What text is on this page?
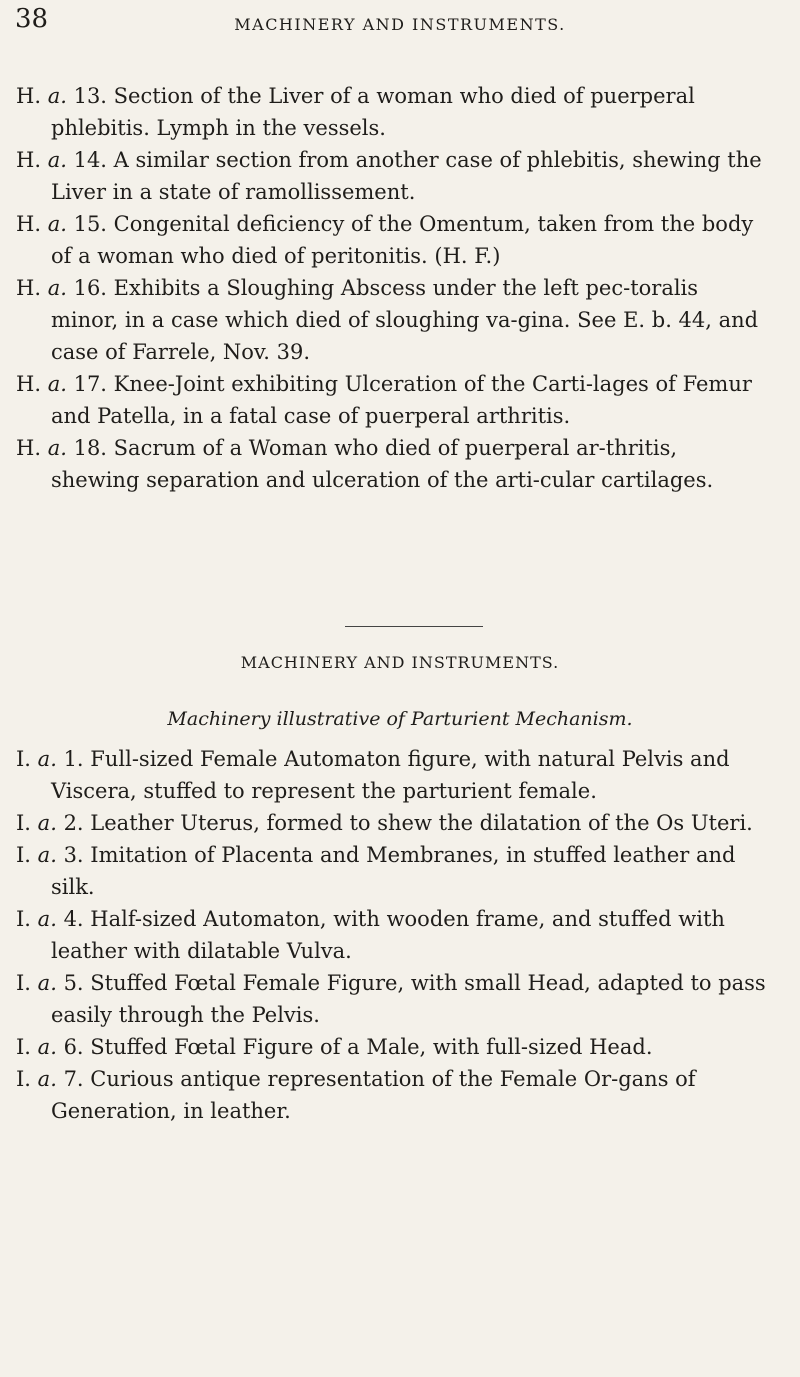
38	MACHINERY AND INSTRUMENTS.

H. a. 13. Section of the Liver of a woman who died of puerperal phlebitis. Lymph in the vessels.

H. a. 14. A similar section from another case of phlebitis, shewing the Liver in a state of ramollissement.

H. a. 15. Congenital deficiency of the Omentum, taken from the body of a woman who died of peritonitis. (H. F.)

H. a. 16. Exhibits a Sloughing Abscess under the left pec-toralis minor, in a case which died of sloughing va-gina. See E. b. 44, and case of Farrele, Nov. 39.

H. a. 17. Knee-Joint exhibiting Ulceration of the Carti-lages of Femur and Patella, in a fatal case of puerperal arthritis.

H. a. 18. Sacrum of a Woman who died of puerperal ar-thritis, shewing separation and ulceration of the arti-cular cartilages.

MACHINERY AND INSTRUMENTS.
Machinery illustrative of Parturient Mechanism.

I. a. 1. Full-sized Female Automaton figure, with natural Pelvis and Viscera, stuffed to represent the parturient female.

I. a. 2. Leather Uterus, formed to shew the dilatation of the Os Uteri.

I. a. 3. Imitation of Placenta and Membranes, in stuffed leather and silk.

I. a. 4. Half-sized Automaton, with wooden frame, and stuffed with leather with dilatable Vulva.

I. a. 5. Stuffed Fœtal Female Figure, with small Head, adapted to pass easily through the Pelvis.

I. a. 6. Stuffed Fœtal Figure of a Male, with full-sized Head.

I. a. 7. Curious antique representation of the Female Or-gans of Generation, in leather.
